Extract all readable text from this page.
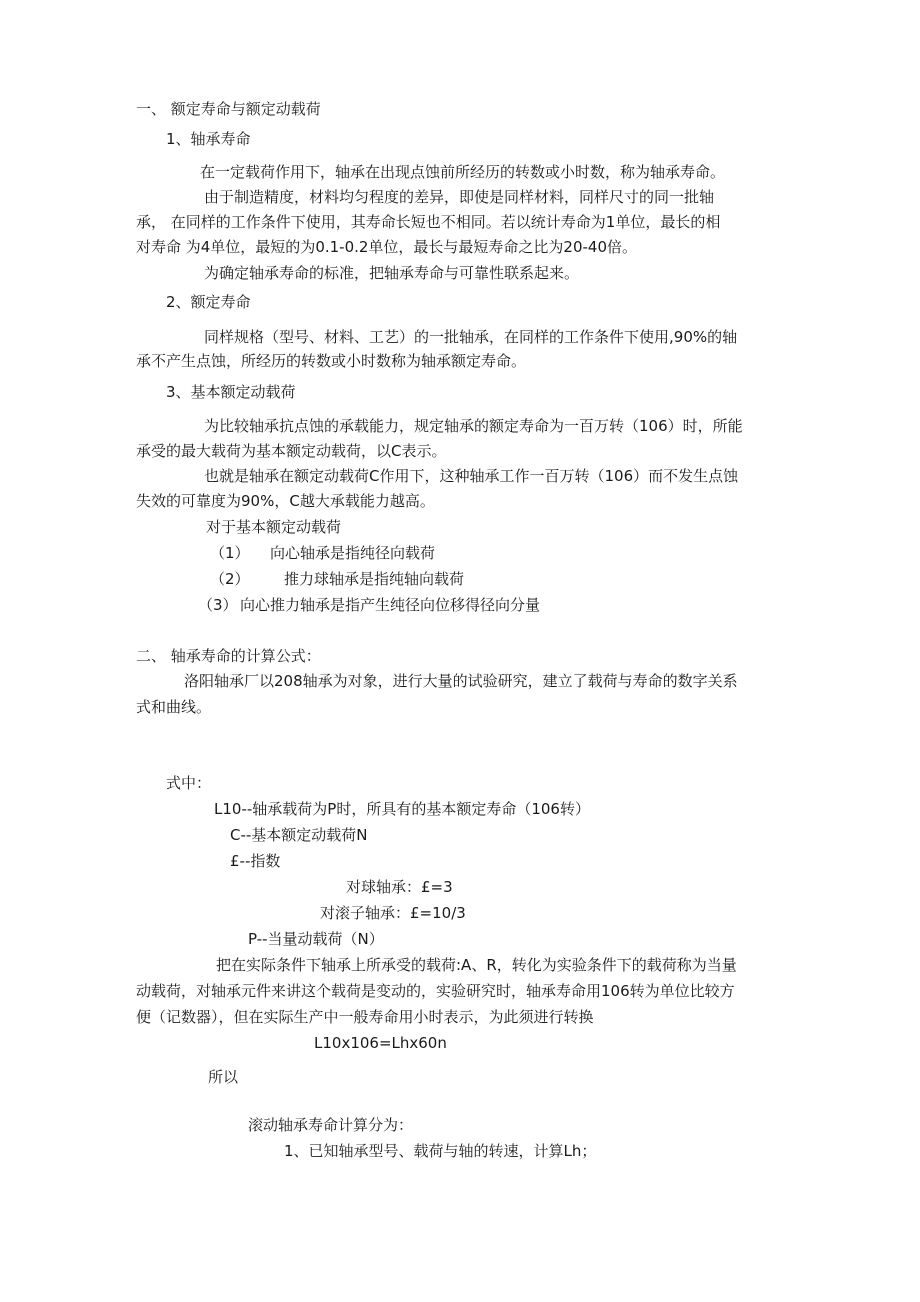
一、 额定寿命与额定动载荷
1、轴承寿命
在一定载荷作用下，轴承在出现点蚀前所经历的转数或小时数，称为轴承寿命。
由于制造精度，材料均匀程度的差异，即使是同样材料，同样尺寸的同一批轴
承， 在同样的工作条件下使用，其寿命长短也不相同。若以统计寿命为1单位，最长的相
对寿命 为4单位，最短的为0.1-0.2单位，最长与最短寿命之比为20-40倍。
为确定轴承寿命的标准，把轴承寿命与可靠性联系起来。
2、额定寿命
同样规格（型号、材料、工艺）的一批轴承，在同样的工作条件下使用,90%的轴
承不产生点蚀，所经历的转数或小时数称为轴承额定寿命。
3、基本额定动载荷
为比较轴承抗点蚀的承载能力，规定轴承的额定寿命为一百万转（106）时，所能
承受的最大载荷为基本额定动载荷，以C表示。
也就是轴承在额定动载荷C作用下，这种轴承工作一百万转（106）而不发生点蚀
失效的可靠度为90%，C越大承载能力越高。
对于基本额定动载荷
（1） 向心轴承是指纯径向载荷
（2） 推力球轴承是指纯轴向载荷
（3） 向心推力轴承是指产生纯径向位移得径向分量
二、 轴承寿命的计算公式：
洛阳轴承厂以208轴承为对象，进行大量的试验研究，建立了载荷与寿命的数字关系
式和曲线。
式中：
L10--轴承载荷为P时，所具有的基本额定寿命（106转）
C--基本额定动载荷N
£--指数
对球轴承：£=3
对滚子轴承：£=10/3
P--当量动载荷（N）
把在实际条件下轴承上所承受的载荷:A、R，转化为实验条件下的载荷称为当量
动载荷，对轴承元件来讲这个载荷是变动的，实验研究时，轴承寿命用106转为单位比较方
便（记数器），但在实际生产中一般寿命用小时表示，为此须进行转换
L10x106=Lhx60n
所以
滚动轴承寿命计算分为：
1、已知轴承型号、载荷与轴的转速，计算Lh；
